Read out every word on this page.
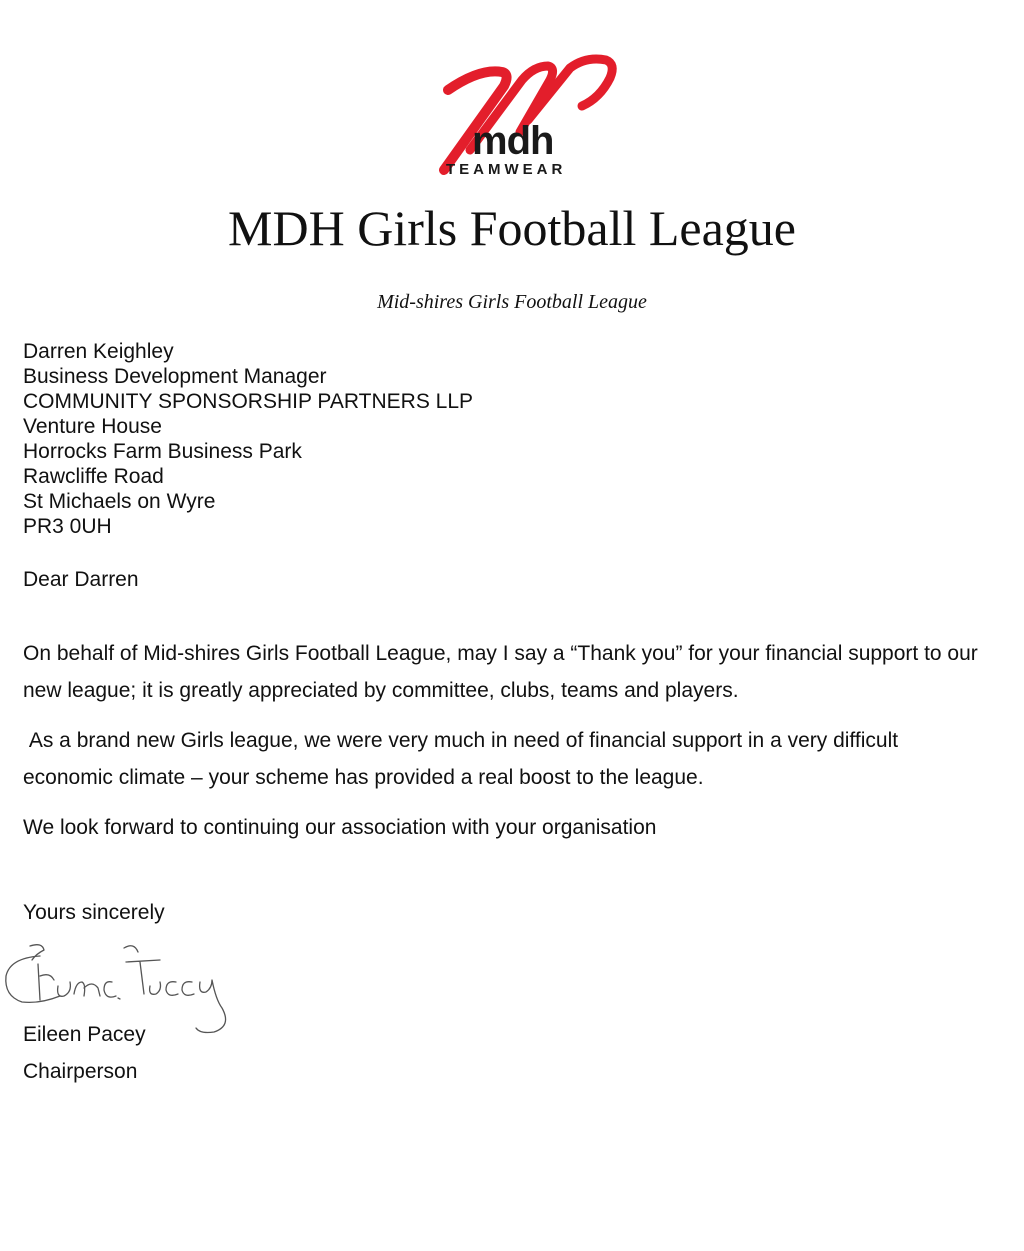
mdh
TEAMWEAR
MDH Girls Football League
Mid-shires Girls Football League
Darren Keighley
Business Development Manager
COMMUNITY SPONSORSHIP PARTNERS LLP
Venture House
Horrocks Farm Business Park
Rawcliffe Road
St Michaels on Wyre
PR3 0UH
Dear Darren

On behalf of Mid-shires Girls Football League, may I say a “Thank you” for your financial support to our new league; it is greatly appreciated by committee, clubs, teams and players.

As a brand new Girls league, we were very much in need of financial support in a very difficult economic climate – your scheme has provided a real boost to the league.

We look forward to continuing our association with your organisation

Yours sincerely
Eileen Pacey
Chairperson
